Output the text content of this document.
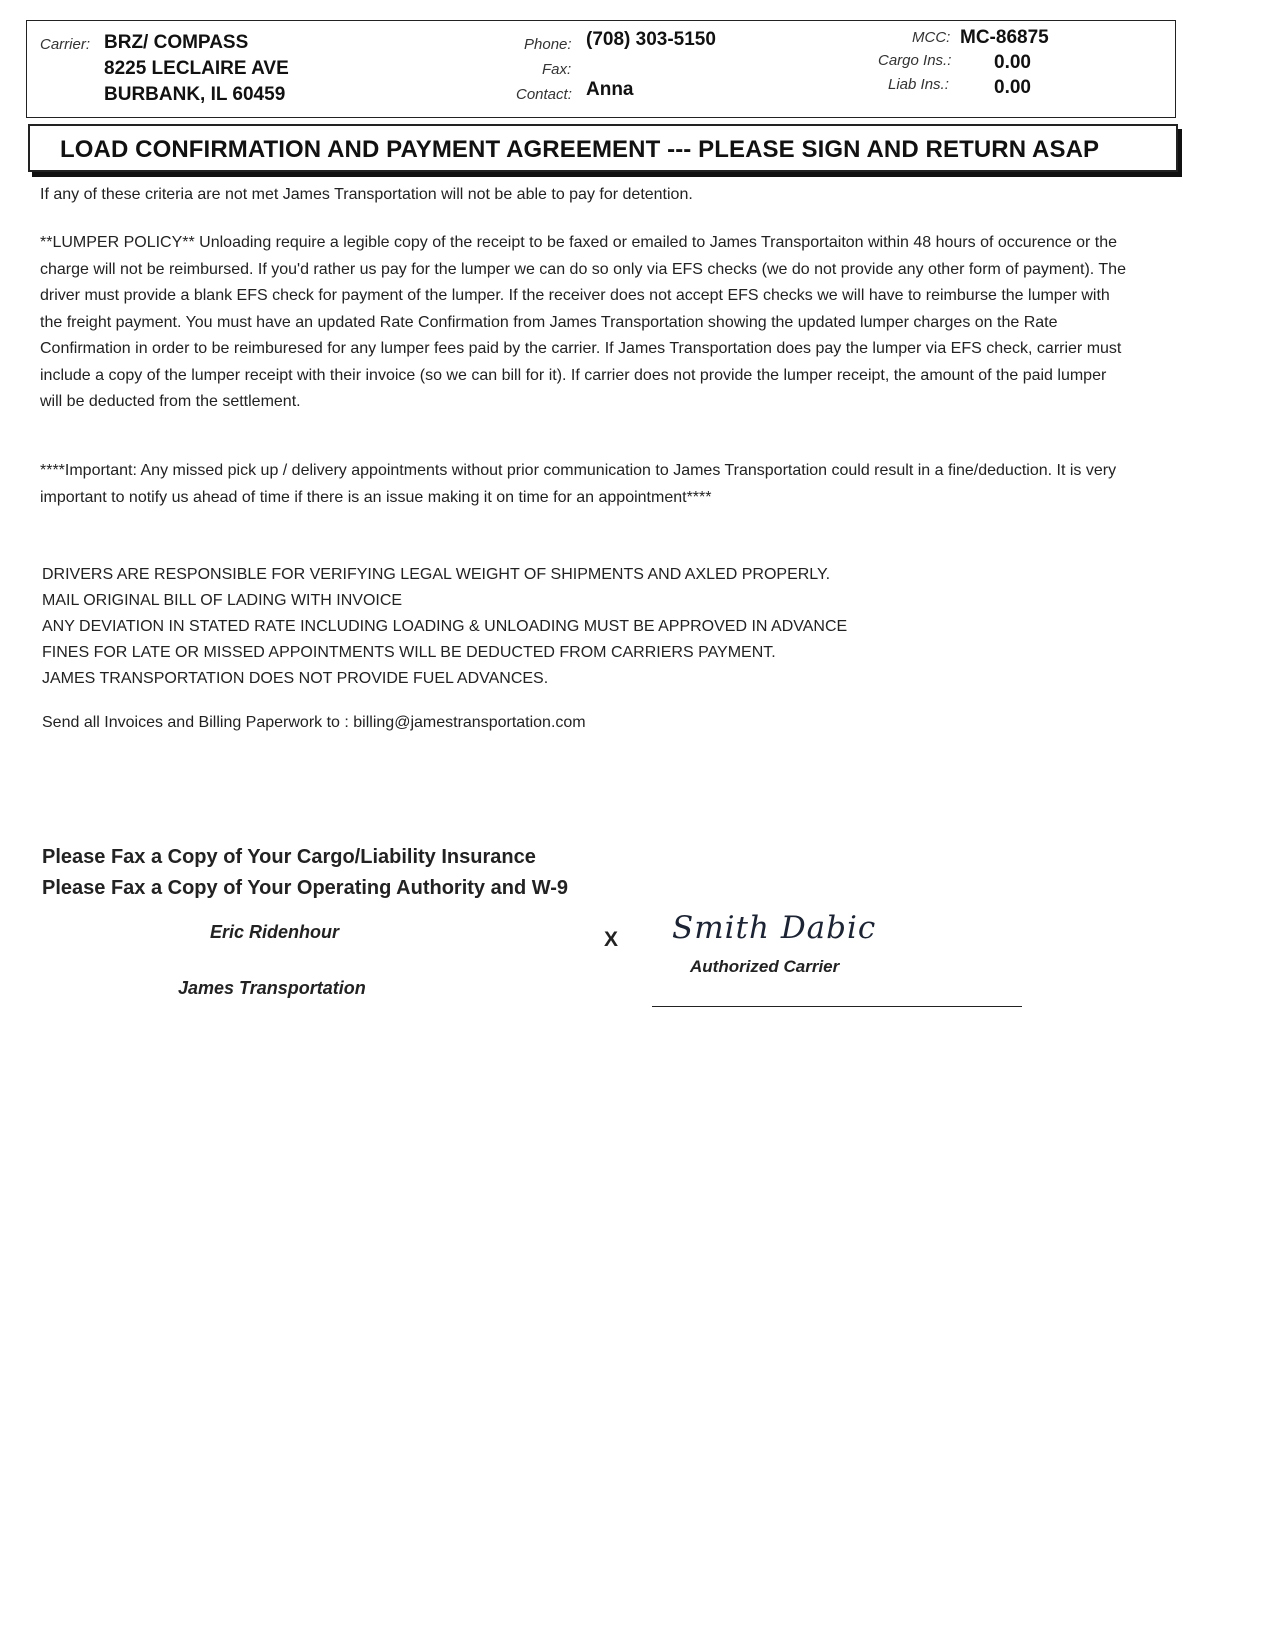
Carrier: BRZ/ COMPASS
8225 LECLAIRE AVE
BURBANK, IL 60459
Phone: (708) 303-5150
Fax:
Contact: Anna
MCC: MC-86875
Cargo Ins.: 0.00
Liab Ins.: 0.00
LOAD CONFIRMATION AND PAYMENT AGREEMENT --- PLEASE SIGN AND RETURN ASAP
If any of these criteria are not met James Transportation will not be able to pay for detention.
**LUMPER POLICY** Unloading require a legible copy of the receipt to be faxed or emailed to James Transportaiton within 48 hours of occurence or the charge will not be reimbursed. If you'd rather us pay for the lumper we can do so only via EFS checks (we do not provide any other form of payment). The driver must provide a blank EFS check for payment of the lumper. If the receiver does not accept EFS checks we will have to reimburse the lumper with the freight payment. You must have an updated Rate Confirmation from James Transportation showing the updated lumper charges on the Rate Confirmation in order to be reimburesed for any lumper fees paid by the carrier. If James Transportation does pay the lumper via EFS check, carrier must include a copy of the lumper receipt with their invoice (so we can bill for it). If carrier does not provide the lumper receipt, the amount of the paid lumper will be deducted from the settlement.
****Important: Any missed pick up / delivery appointments without prior communication to James Transportation could result in a fine/deduction. It is very important to notify us ahead of time if there is an issue making it on time for an appointment****
DRIVERS ARE RESPONSIBLE FOR VERIFYING LEGAL WEIGHT OF SHIPMENTS AND AXLED PROPERLY.
MAIL ORIGINAL BILL OF LADING WITH INVOICE
ANY DEVIATION IN STATED RATE INCLUDING LOADING & UNLOADING MUST BE APPROVED IN ADVANCE
FINES FOR LATE OR MISSED APPOINTMENTS WILL BE DEDUCTED FROM CARRIERS PAYMENT.
JAMES TRANSPORTATION DOES NOT PROVIDE FUEL ADVANCES.
Send all Invoices and Billing Paperwork to : billing@jamestransportation.com
Please Fax a Copy of Your Cargo/Liability Insurance
Please Fax a Copy of Your Operating Authority and W-9
Eric Ridenhour
James Transportation
X Smith Dabic
Authorized Carrier
